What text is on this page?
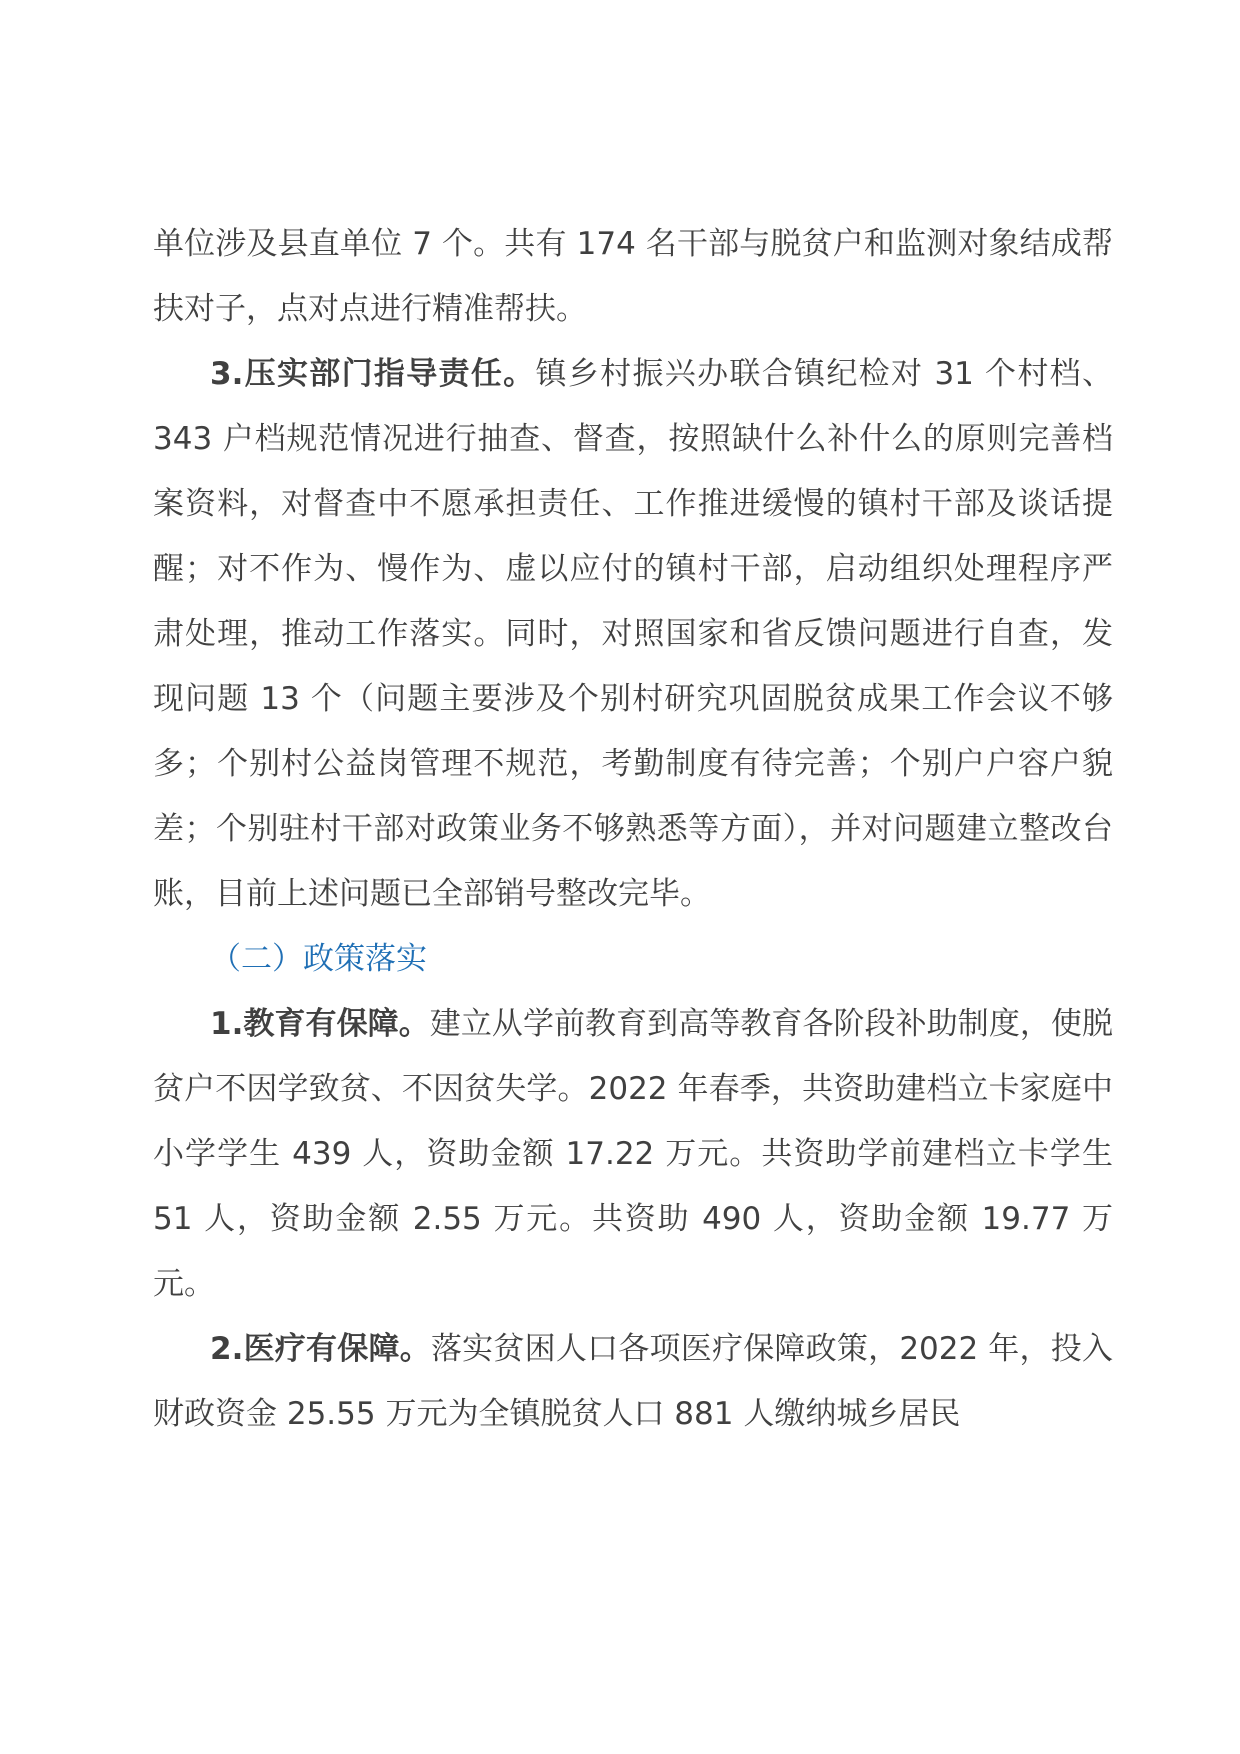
单位涉及县直单位 7 个。共有 174 名干部与脱贫户和监测对象结成帮扶对子，点对点进行精准帮扶。

3.压实部门指导责任。镇乡村振兴办联合镇纪检对 31 个村档、343 户档规范情况进行抽查、督查，按照缺什么补什么的原则完善档案资料，对督查中不愿承担责任、工作推进缓慢的镇村干部及谈话提醒；对不作为、慢作为、虚以应付的镇村干部，启动组织处理程序严肃处理，推动工作落实。同时，对照国家和省反馈问题进行自查，发现问题 13 个（问题主要涉及个别村研究巩固脱贫成果工作会议不够多；个别村公益岗管理不规范，考勤制度有待完善；个别户户容户貌差；个别驻村干部对政策业务不够熟悉等方面），并对问题建立整改台账，目前上述问题已全部销号整改完毕。

（二）政策落实

1.教育有保障。建立从学前教育到高等教育各阶段补助制度，使脱贫户不因学致贫、不因贫失学。2022 年春季，共资助建档立卡家庭中小学学生 439 人，资助金额 17.22 万元。共资助学前建档立卡学生 51 人，资助金额 2.55 万元。共资助 490 人，资助金额 19.77 万元。

2.医疗有保障。落实贫困人口各项医疗保障政策，2022 年，投入财政资金 25.55 万元为全镇脱贫人口 881 人缴纳城乡居民
